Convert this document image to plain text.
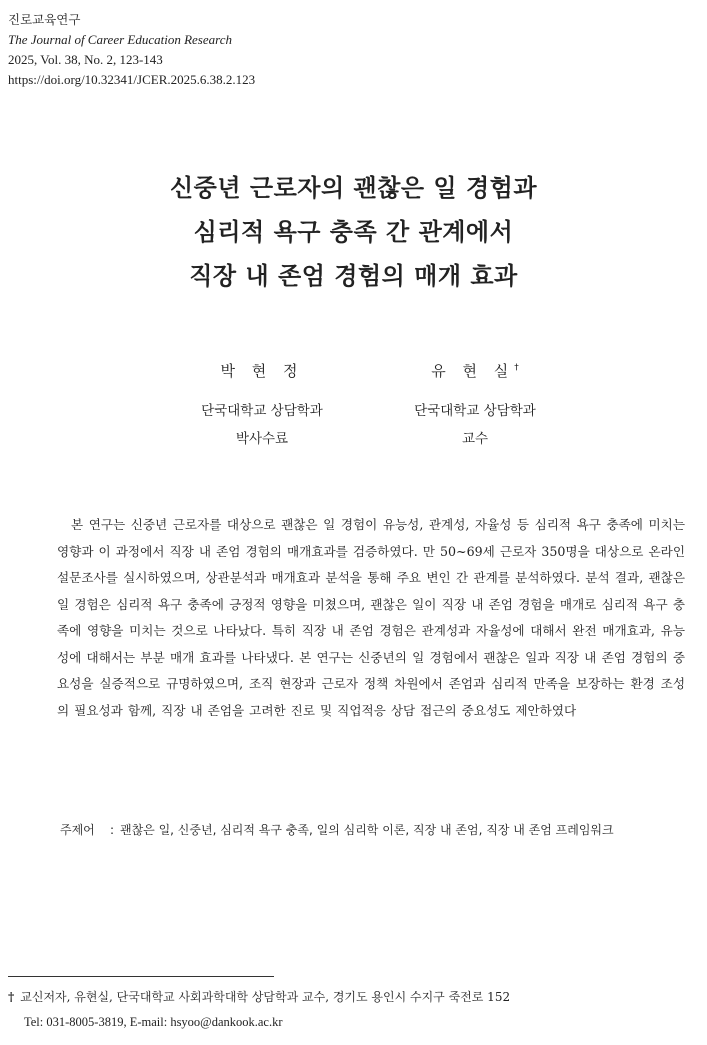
진로교육연구
The Journal of Career Education Research
2025, Vol. 38, No. 2, 123-143
https://doi.org/10.32341/JCER.2025.6.38.2.123
신중년 근로자의 괜찮은 일 경험과
심리적 욕구 충족 간 관계에서
직장 내 존엄 경험의 매개 효과
박 현 정
단국대학교 상담학과
박사수료
유 현 실†
단국대학교 상담학과
교수
본 연구는 신중년 근로자를 대상으로 괜찮은 일 경험이 유능성, 관계성, 자율성 등 심리적 욕구 충족에 미치는 영향과 이 과정에서 직장 내 존엄 경험의 매개효과를 검증하였다. 만 50~69세 근로자 350명을 대상으로 온라인 설문조사를 실시하였으며, 상관분석과 매개효과 분석을 통해 주요 변인 간 관계를 분석하였다. 분석 결과, 괜찮은 일 경험은 심리적 욕구 충족에 긍정적 영향을 미쳤으며, 괜찮은 일이 직장 내 존엄 경험을 매개로 심리적 욕구 충족에 영향을 미치는 것으로 나타났다. 특히 직장 내 존엄 경험은 관계성과 자율성에 대해서 완전 매개효과, 유능성에 대해서는 부분 매개 효과를 나타냈다. 본 연구는 신중년의 일 경험에서 괜찮은 일과 직장 내 존엄 경험의 중요성을 실증적으로 규명하였으며, 조직 현장과 근로자 정책 차원에서 존엄과 심리적 만족을 보장하는 환경 조성의 필요성과 함께, 직장 내 존엄을 고려한 진로 및 직업적응 상담 접근의 중요성도 제안하였다
주제어	: 괜찮은 일, 신중년, 심리적 욕구 충족, 일의 심리학 이론, 직장 내 존엄, 직장 내 존엄 프레임워크
† 교신저자, 유현실, 단국대학교 사회과학대학 상담학과 교수, 경기도 용인시 수지구 죽전로 152
Tel: 031-8005-3819, E-mail: hsyoo@dankook.ac.kr
